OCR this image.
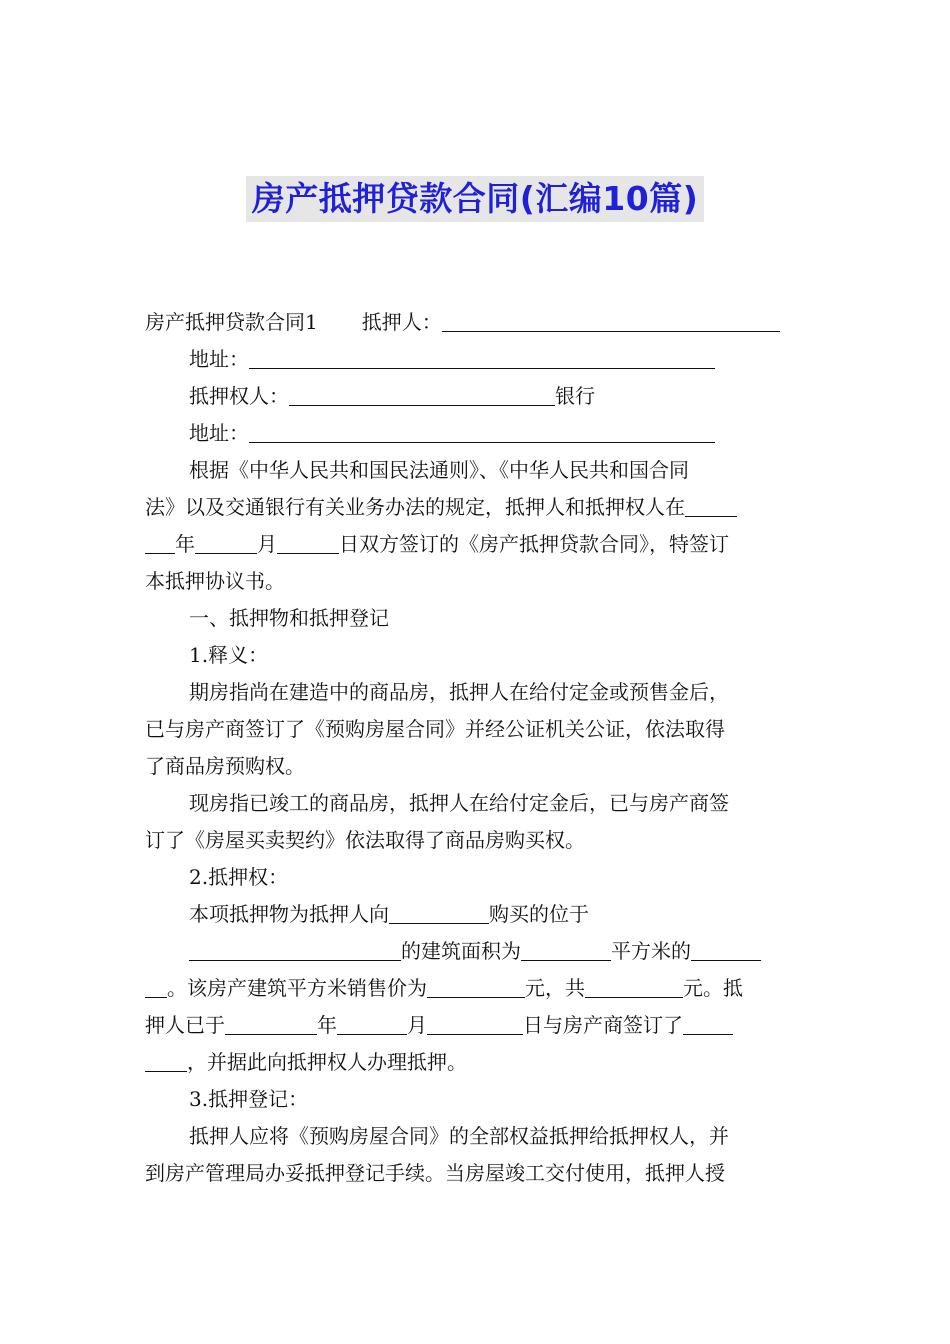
房产抵押贷款合同(汇编10篇)
房产抵押贷款合同1 抵押人：
地址：
抵押权人：	银行
地址：
根据《中华人民共和国民法通则》、《中华人民共和国合同
法》以及交通银行有关业务办法的规定，抵押人和抵押权人在
年	月	日双方签订的《房产抵押贷款合同》，特签订
本抵押协议书。
一、抵押物和抵押登记
1.释义：
期房指尚在建造中的商品房，抵押人在给付定金或预售金后，
已与房产商签订了《预购房屋合同》并经公证机关公证，依法取得
了商品房预购权。
现房指已竣工的商品房，抵押人在给付定金后，已与房产商签
订了《房屋买卖契约》依法取得了商品房购买权。
2.抵押权：
本项抵押物为抵押人向	购买的位于
的建筑面积为	平方米的
。该房产建筑平方米销售价为	元，共	元。抵
押人已于	年	月	日与房产商签订了
，并据此向抵押权人办理抵押。
3.抵押登记：
抵押人应将《预购房屋合同》的全部权益抵押给抵押权人，并
到房产管理局办妥抵押登记手续。当房屋竣工交付使用，抵押人授
